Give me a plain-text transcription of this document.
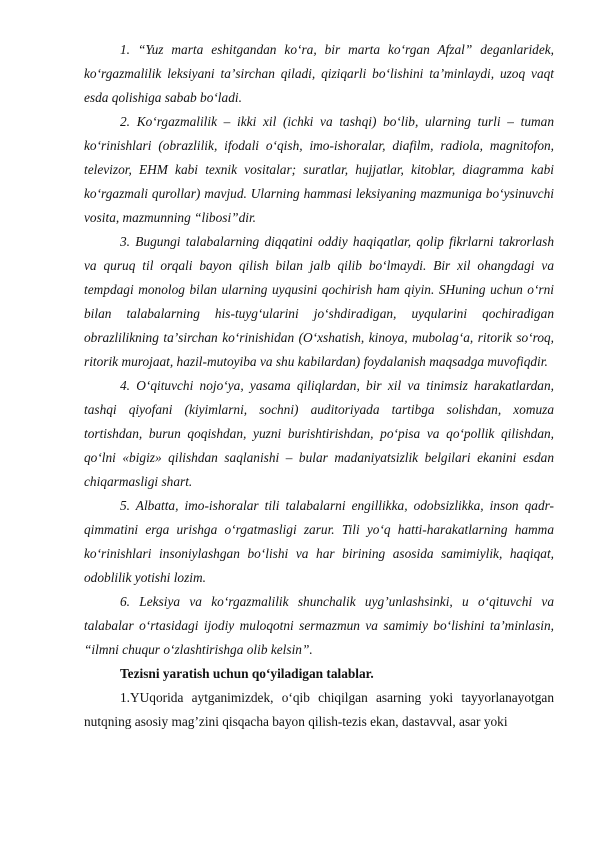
1. “Yuz marta eshitgandan koʻra, bir marta koʻrgan Afzal” deganlaridek, koʻrgazmalilik leksiyani taʼsirchan qiladi, qiziqarli boʻlishini taʼminlaydi, uzoq vaqt esda qolishiga sabab boʻladi.

2. Koʻrgazmalilik – ikki xil (ichki va tashqi) boʻlib, ularning turli – tuman koʻrinishlari (obrazlilik, ifodali oʻqish, imo-ishoralar, diafilm, radiola, magnitofon, televizor, EHM kabi texnik vositalar; suratlar, hujjatlar, kitoblar, diagramma kabi koʻrgazmali qurollar) mavjud. Ularning hammasi leksiyaning mazmuniga boʻysinuvchi vosita, mazmunning “libosi”dir.

3. Bugungi talabalarning diqqatini oddiy haqiqatlar, qolip fikrlarni takrorlash va quruq til orqali bayon qilish bilan jalb qilib boʻlmaydi. Bir xil ohangdagi va tempdagi monolog bilan ularning uyqusini qochirish ham qiyin. SHuning uchun oʻrni bilan talabalarning his-tuygʻularini joʻshdiradigan, uyqularini qochiradigan obrazlilikning taʼsirchan koʻrinishidan (Oʻxshatish, kinoya, mubolagʻa, ritorik soʻroq, ritorik murojaat, hazil-mutoyiba va shu kabilardan) foydalanish maqsadga muvofiqdir.

4. Oʻqituvchi nojoʻya, yasama qiliqlardan, bir xil va tinimsiz harakatlardan, tashqi qiyofani (kiyimlarni, sochni) auditoriyada tartibga solishdan, xomuza tortishdan, burun qoqishdan, yuzni burishtirishdan, poʻpisa va qoʻpollik qilishdan, qoʻlni «bigiz» qilishdan saqlanishi – bular madaniyatsizlik belgilari ekanini esdan chiqarmasligi shart.

5. Albatta, imo-ishoralar tili talabalarni engillikka, odobsizlikka, inson qadr-qimmatini erga urishga oʻrgatmasligi zarur. Tili yoʻq hatti-harakatlarning hamma koʻrinishlari insoniylashgan boʻlishi va har birining asosida samimiylik, haqiqat, odoblilik yotishi lozim.

6. Leksiya va koʻrgazmalilik shunchalik uyg’unlashsinki, u oʻqituvchi va talabalar oʻrtasidagi ijodiy muloqotni sermazmun va samimiy boʻlishini taʼminlasin, “ilmni chuqur oʻzlashtirishga olib kelsin”.

Tezisni yaratish uchun qo‘yiladigan talablar.

1.YUqorida aytganimizdek, oʻqib chiqilgan asarning yoki tayyorlanayotgan nutqning asosiy mag’zini qisqacha bayon qilish-tezis ekan, dastavval, asar yoki
